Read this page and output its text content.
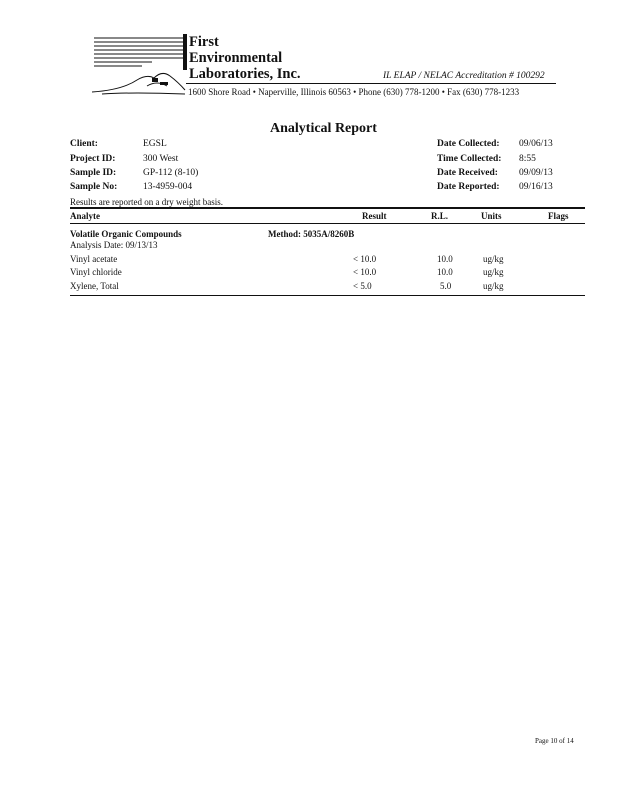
First
Environmental
Laboratories, Inc.	IL ELAP / NELAC Accreditation # 100292
1600 Shore Road • Naperville, Illinois 60563 • Phone (630) 778-1200 • Fax (630) 778-1233
Analytical Report
Client:	EGSL
Project ID:	300 West
Sample ID:	GP-112 (8-10)
Sample No:	13-4959-004
Date Collected: 09/06/13
Time Collected: 8:55
Date Received: 09/09/13
Date Reported: 09/16/13
Results are reported on a dry weight basis.
Analyte	Result	R.L.	Units	Flags
Volatile Organic Compounds	Method: 5035A/8260B
Analysis Date: 09/13/13
Vinyl acetate	< 10.0	10.0	ug/kg
Vinyl chloride	< 10.0	10.0	ug/kg
Xylene, Total	< 5.0	5.0	ug/kg
Page 10 of 14
